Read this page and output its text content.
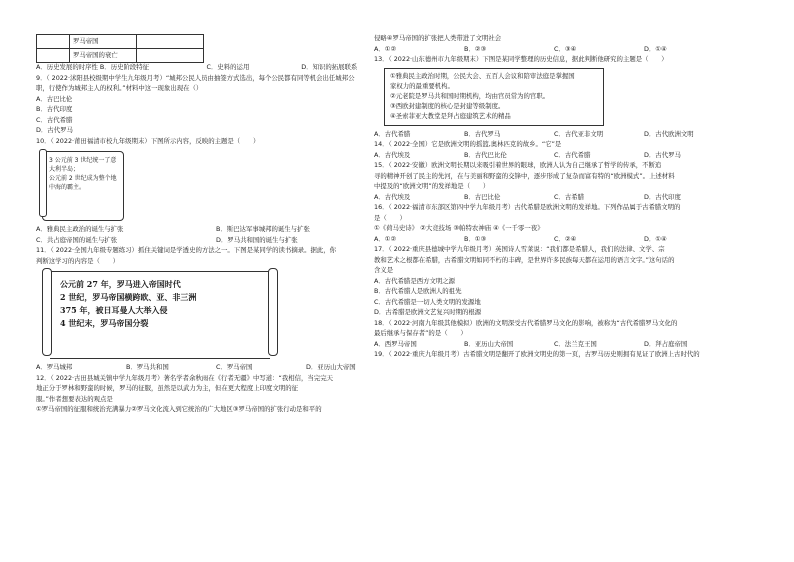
	罗马帝国	
	罗马帝国的衰亡	
A．历史发展的时序性 B．历史阶段特征	C．史料的运用	D．知识的拓展联系
9．（ 2022·沭阳县校级期中学生九年级月考）“城邦公民人员由抽签方式选出，每个公民都有同等机会出任城邦公
职，行使作为城邦主人的权利。”材料中这一现象出现在（）
A．古巴比伦
B．古代印度
C．古代希腊
D．古代罗马
10．（ 2022·莆田福清市校九年级期末）下图所示内容，反映的主题是（　　）
3 公元前 3 世纪统一了意
大利半岛；
公元前 2 世纪成为整个地
中海的霸主。
A．雅典民主政治的诞生与扩张	B．斯巴达军事城邦的诞生与扩张
C．共占庭帝国的诞生与扩张	D．罗马共和国的诞生与扩张
11．（ 2022·全国九年级专题练习）抓住关键词是学透史的方法之一。下图是某同学的读书摘录。据此，你
判断这学习的内容是（　　）
公元前 27 年，罗马进入帝国时代
2 世纪，罗马帝国横跨欧、亚、非三洲
375 年，被日耳曼人大举入侵
4 世纪末，罗马帝国分裂
A．罗马城邦	B．罗马共和国	C．罗马帝国	D．亚历山大帝国
12．（ 2022·古田县城关镇中学九年级月考）著名学者余秋雨在《行者无疆》中写道：“我相信，当完完天
地正分于罗林和野蛮的时候，罗马的征服，虽然是以武力为主，但在更大程度上印度文明的征
服。”作者想要表达的观点是
①罗马帝国的征服和统治充满暴力②罗马文化流入到它统治的广大地区③罗马帝国的扩张行动是和平的
侵略④罗马帝国的扩张把人类带进了文明社会
A．①②	B．②③	C．③④	D．①④
13．（ 2022·山东德州市九年级期末）下图是某同学整理的历史信息，据此判断他研究的主题是（　　）
①雅典民主政治时期，公民大会、五百人会议和陪审法庭是掌握国
家权力的最重要机构。
②元老院是罗马共和国时期机构，均由官员常为的官职。
③西欧封建制度的核心是封建等级制度。
④圣索菲亚大教堂是拜占庭建筑艺术的精品
A．古代希腊	B．古代罗马	C．古代亚非文明	D．古代欧洲文明
14．（ 2022·全国）它是欧洲文明的摇篮,奥林匹克的故乡。“它”是
A．古代埃及	B．古代巴比伦	C．古代希腊	D．古代罗马
15．（ 2022·安徽）欧洲文明长期以来吸引着世界的眼球，欧洲人认为自己继承了哲学的传承，不断追
寻的精神开创了民主的先河，在与美丽和野蛮的交锋中，逐步形成了复杂而富有特的“欧洲模式”。上述材料
中提及的“欧洲文明”的发祥地是（　　）
A．古代埃及	B．古巴比伦	C．古希腊	D．古代印度
16．（ 2022·福清市东部区第四中学九年级月考）古代希腊是欧洲文明的发祥地。下列作品属于古希腊文明的
是（　　）
①《荷马史诗》 ②大竞技场 ③帕特农神庙 ④《一千零一夜》
A．①②	B．①③	C．②④	D．①④
17．（ 2022·重庆县德城中学九年级月考）英国诗人雪莱说：“我们都是希腊人，我们的法律、文学、宗
教和艺术之根都在希腊，古希腊文明如同不朽的丰碑，是世界许多民族每天都在运用的语言文字。”这句话的
含义是
A．古代希腊是西方文明之源
B．古代希腊人是欧洲人的祖先
C．古代希腊是一切人类文明的发源地
D．古希腊是欧洲文艺复兴时期的根源
18．（ 2022·河南九年级其他模拟）欧洲的文明深受古代希腊罗马文化的影响，被称为“古代希腊罗马文化的
最后继承与保存者”的是（　　）
A．西罗马帝国	B．亚历山大帝国	C．法兰克王国	D．拜占庭帝国
19．（ 2022·重庆九年级月考）古希腊文明是翻开了欧洲文明史的第一页，古罗马历史则拥有见证了欧洲上古时代的
